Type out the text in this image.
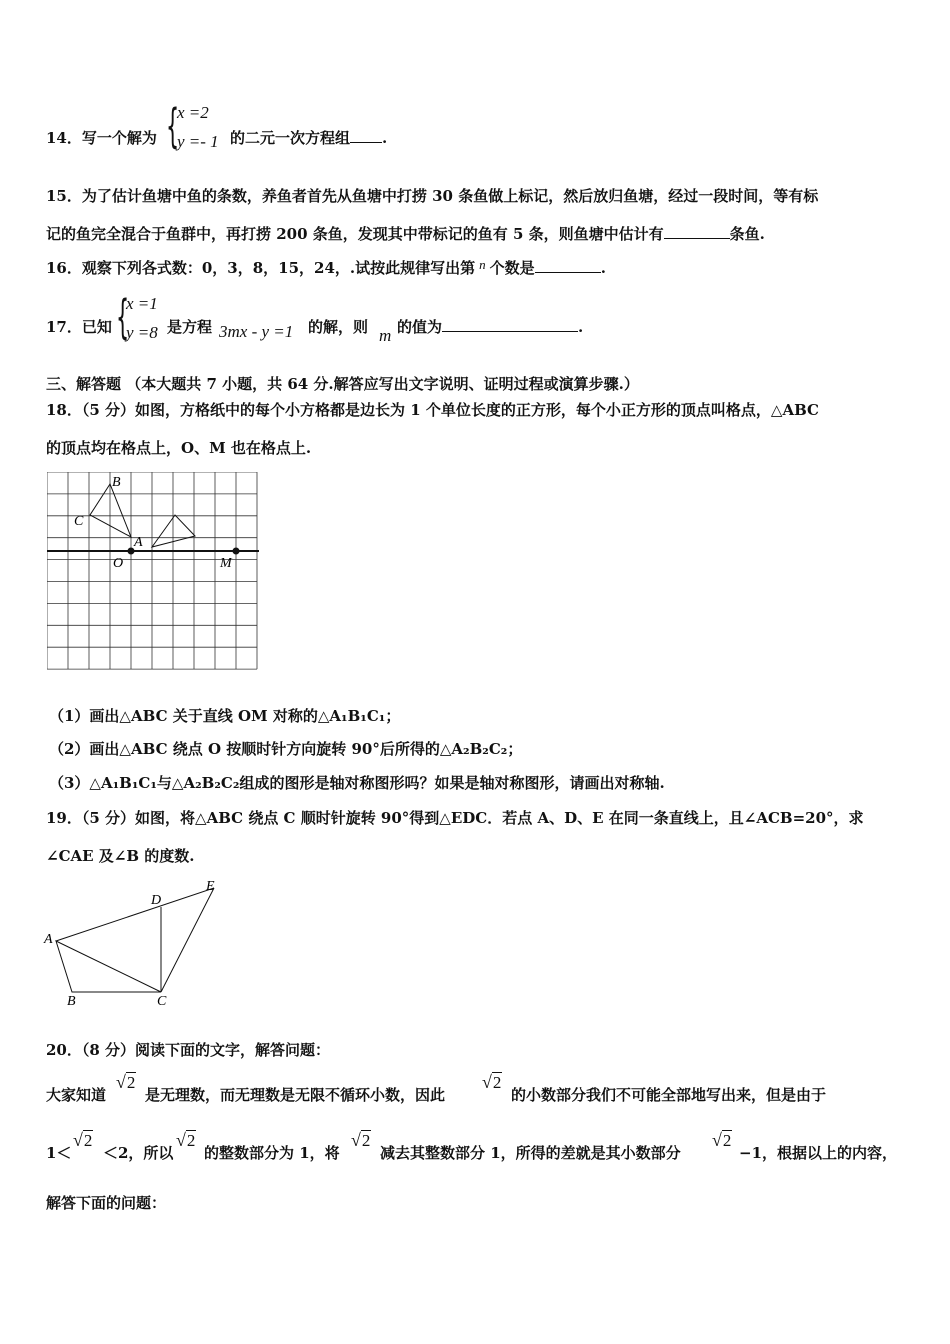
14．写一个解为 {
x =2
y =- 1 的二元一次方程组 .
15．为了估计鱼塘中鱼的条数，养鱼者首先从鱼塘中打捞 30 条鱼做上标记，然后放归鱼塘，经过一段时间，等有标
记的鱼完全混合于鱼群中，再打捞 200 条鱼，发现其中带标记的鱼有 5 条，则鱼塘中估计有	条鱼.
16．观察下列各式数：0，3，8，15，24，.试按此规律写出第 n 个数是	.
17．已知 {
x =1
y =8 是方程 3mx - y =1 的解，则 m 的值为	.
三、解答题 （本大题共 7 小题，共 64 分.解答应写出文字说明、证明过程或演算步骤.）
18．（5 分）如图，方格纸中的每个小方格都是边长为 1 个单位长度的正方形，每个小正方形的顶点叫格点，△ABC
的顶点均在格点上，O、M 也在格点上.
B
C
A
O	M
（1）画出△ABC 关于直线 OM 对称的△A₁B₁C₁；
（2）画出△ABC 绕点 O 按顺时针方向旋转 90°后所得的△A₂B₂C₂；
（3）△A₁B₁C₁与△A₂B₂C₂组成的图形是轴对称图形吗？如果是轴对称图形，请画出对称轴.
19．（5 分）如图，将△ABC 绕点 C 顺时针旋转 90°得到△EDC．若点 A、D、E 在同一条直线上，且∠ACB=20°，求
∠CAE 及∠B 的度数.
A
B	C
D
E
20．（8 分）阅读下面的文字，解答问题：
大家知道
√2
是无理数，而无理数是无限不循环小数，因此
√2
的小数部分我们不可能全部地写出来，但是由于
1＜
√2
＜2，所以
√2
的整数部分为 1，将
√2
减去其整数部分 1，所得的差就是其小数部分
√2
−1，根据以上的内容，
解答下面的问题：
